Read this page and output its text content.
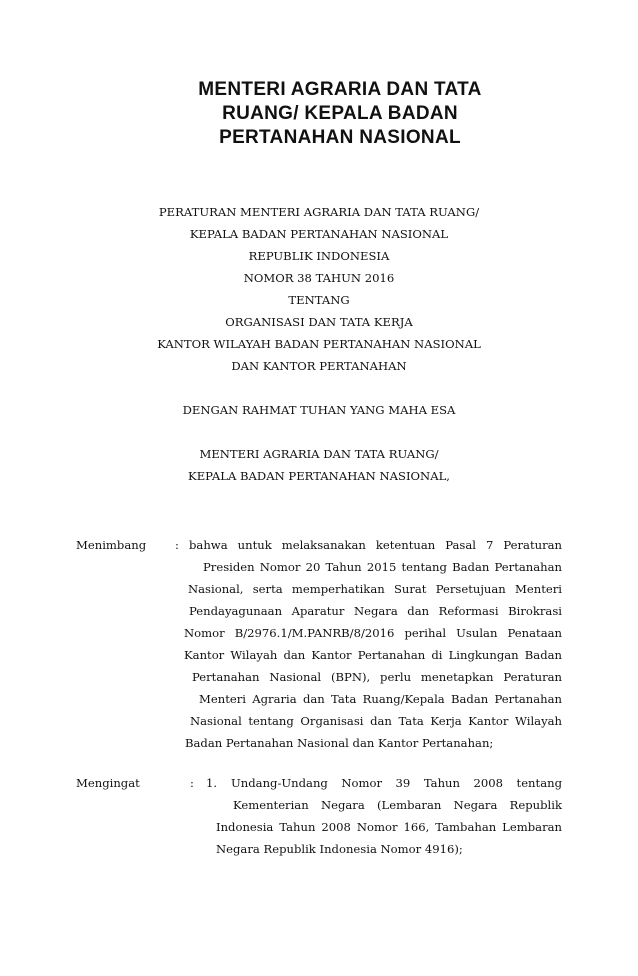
MENTERI AGRARIA DAN TATA
RUANG/ KEPALA BADAN
PERTANAHAN NASIONAL
PERATURAN MENTERI AGRARIA DAN TATA RUANG/
KEPALA BADAN PERTANAHAN NASIONAL
REPUBLIK INDONESIA
NOMOR 38 TAHUN 2016
TENTANG
ORGANISASI DAN TATA KERJA
KANTOR WILAYAH BADAN PERTANAHAN NASIONAL
DAN KANTOR PERTANAHAN
DENGAN RAHMAT TUHAN YANG MAHA ESA
MENTERI AGRARIA DAN TATA RUANG/
KEPALA BADAN PERTANAHAN NASIONAL,
Menimbang : bahwa untuk melaksanakan ketentuan Pasal 7 Peraturan
Presiden Nomor 20 Tahun 2015 tentang Badan Pertanahan
Nasional, serta memperhatikan Surat Persetujuan Menteri
Pendayagunaan Aparatur Negara dan Reformasi Birokrasi
Nomor B/2976.1/M.PANRB/8/2016 perihal Usulan Penataan
Kantor Wilayah dan Kantor Pertanahan di Lingkungan Badan
Pertanahan Nasional (BPN), perlu menetapkan Peraturan
Menteri Agraria dan Tata Ruang/Kepala Badan Pertanahan
Nasional tentang Organisasi dan Tata Kerja Kantor Wilayah
Badan Pertanahan Nasional dan Kantor Pertanahan;
Mengingat	: 1. Undang-Undang Nomor 39 Tahun 2008 tentang
Kementerian Negara (Lembaran Negara Republik
Indonesia Tahun 2008 Nomor 166, Tambahan Lembaran
Negara Republik Indonesia Nomor 4916);
